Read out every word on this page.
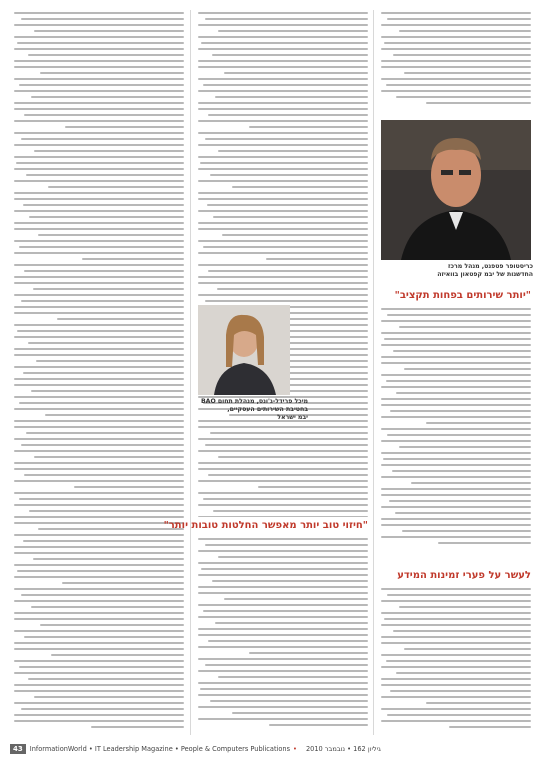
מיכל פרידל-ג'ונס, מנהלת תחום BAO
בחטיבת השירותים העסקיים,
יבמ ישראל
"חיזוי טוב יותר מאפשר החלטות טובות יותר"
כריסטופר פטפנט, מנהל מרכז
החדשנות של יבמ קפטאון בוואיזה
"יותר שירותים בפחות תקציב"
לעשר על פערי זמינות המידע
43	InformationWorld • IT Leadership Magazine • People & Computers Publications • גיליון 162 • נובמבר 2010
